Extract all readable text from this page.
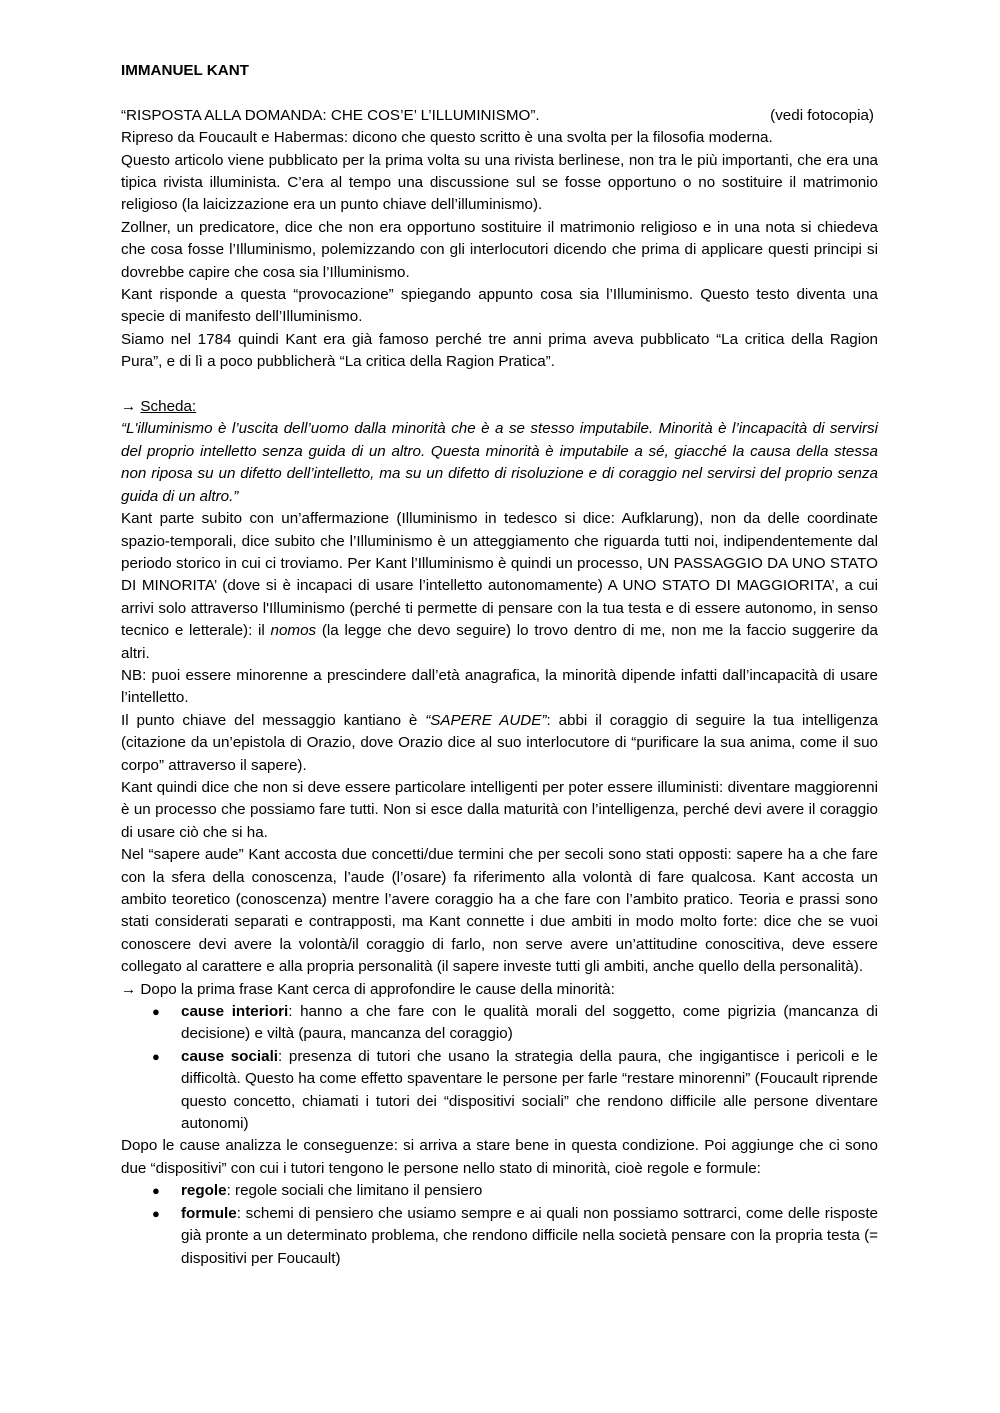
IMMANUEL KANT

“RISPOSTA ALLA DOMANDA: CHE COS’E’ L’ILLUMINISMO”.	(vedi fotocopia)

Ripreso da Foucault e Habermas: dicono che questo scritto è una svolta per la filosofia moderna.

Questo articolo viene pubblicato per la prima volta su una rivista berlinese, non tra le più importanti, che era una tipica rivista illuminista. C’era al tempo una discussione sul se fosse opportuno o no sostituire il matrimonio religioso (la laicizzazione era un punto chiave dell’illuminismo).

Zollner, un predicatore, dice che non era opportuno sostituire il matrimonio religioso e in una nota si chiedeva che cosa fosse l’Illuminismo, polemizzando con gli interlocutori dicendo che prima di applicare questi principi si dovrebbe capire che cosa sia l’Illuminismo.

Kant risponde a questa “provocazione” spiegando appunto cosa sia l’Illuminismo. Questo testo diventa una specie di manifesto dell’Illuminismo.

Siamo nel 1784 quindi Kant era già famoso perché tre anni prima aveva pubblicato “La critica della Ragion Pura”, e di lì a poco pubblicherà “La critica della Ragion Pratica”.

→ Scheda:

“L'illuminismo è l’uscita dell’uomo dalla minorità che è a se stesso imputabile. Minorità è l’incapacità di servirsi del proprio intelletto senza guida di un altro. Questa minorità è imputabile a sé, giacché la causa della stessa non riposa su un difetto dell’intelletto, ma su un difetto di risoluzione e di coraggio nel servirsi del proprio senza guida di un altro.”

Kant parte subito con un’affermazione (Illuminismo in tedesco si dice: Aufklarung), non da delle coordinate spazio-temporali, dice subito che l’Illuminismo è un atteggiamento che riguarda tutti noi, indipendentemente dal periodo storico in cui ci troviamo. Per Kant l’Illuminismo è quindi un processo, UN PASSAGGIO DA UNO STATO DI MINORITA’ (dove si è incapaci di usare l’intelletto autonomamente) A UNO STATO DI MAGGIORITA’, a cui arrivi solo attraverso l'Illuminismo (perché ti permette di pensare con la tua testa e di essere autonomo, in senso tecnico e letterale): il nomos (la legge che devo seguire) lo trovo dentro di me, non me la faccio suggerire da altri.

NB: puoi essere minorenne a prescindere dall’età anagrafica, la minorità dipende infatti dall’incapacità di usare l’intelletto.

Il punto chiave del messaggio kantiano è “SAPERE AUDE”: abbi il coraggio di seguire la tua intelligenza (citazione da un’epistola di Orazio, dove Orazio dice al suo interlocutore di “purificare la sua anima, come il suo corpo” attraverso il sapere).

Kant quindi dice che non si deve essere particolare intelligenti per poter essere illuministi: diventare maggiorenni è un processo che possiamo fare tutti. Non si esce dalla maturità con l’intelligenza, perché devi avere il coraggio di usare ciò che si ha.

Nel “sapere aude” Kant accosta due concetti/due termini che per secoli sono stati opposti: sapere ha a che fare con la sfera della conoscenza, l’aude (l’osare) fa riferimento alla volontà di fare qualcosa. Kant accosta un ambito teoretico (conoscenza) mentre l’avere coraggio ha a che fare con l’ambito pratico. Teoria e prassi sono stati considerati separati e contrapposti, ma Kant connette i due ambiti in modo molto forte: dice che se vuoi conoscere devi avere la volontà/il coraggio di farlo, non serve avere un’attitudine conoscitiva, deve essere collegato al carattere e alla propria personalità (il sapere investe tutti gli ambiti, anche quello della personalità).

→ Dopo la prima frase Kant cerca di approfondire le cause della minorità:

● cause interiori: hanno a che fare con le qualità morali del soggetto, come pigrizia (mancanza di decisione) e viltà (paura, mancanza del coraggio)
● cause sociali: presenza di tutori che usano la strategia della paura, che ingigantisce i pericoli e le difficoltà. Questo ha come effetto spaventare le persone per farle “restare minorenni” (Foucault riprende questo concetto, chiamati i tutori dei “dispositivi sociali” che rendono difficile alle persone diventare autonomi)

Dopo le cause analizza le conseguenze: si arriva a stare bene in questa condizione. Poi aggiunge che ci sono due “dispositivi” con cui i tutori tengono le persone nello stato di minorità, cioè regole e formule:

● regole: regole sociali che limitano il pensiero
● formule: schemi di pensiero che usiamo sempre e ai quali non possiamo sottrarci, come delle risposte già pronte a un determinato problema, che rendono difficile nella società pensare con la propria testa (= dispositivi per Foucault)
